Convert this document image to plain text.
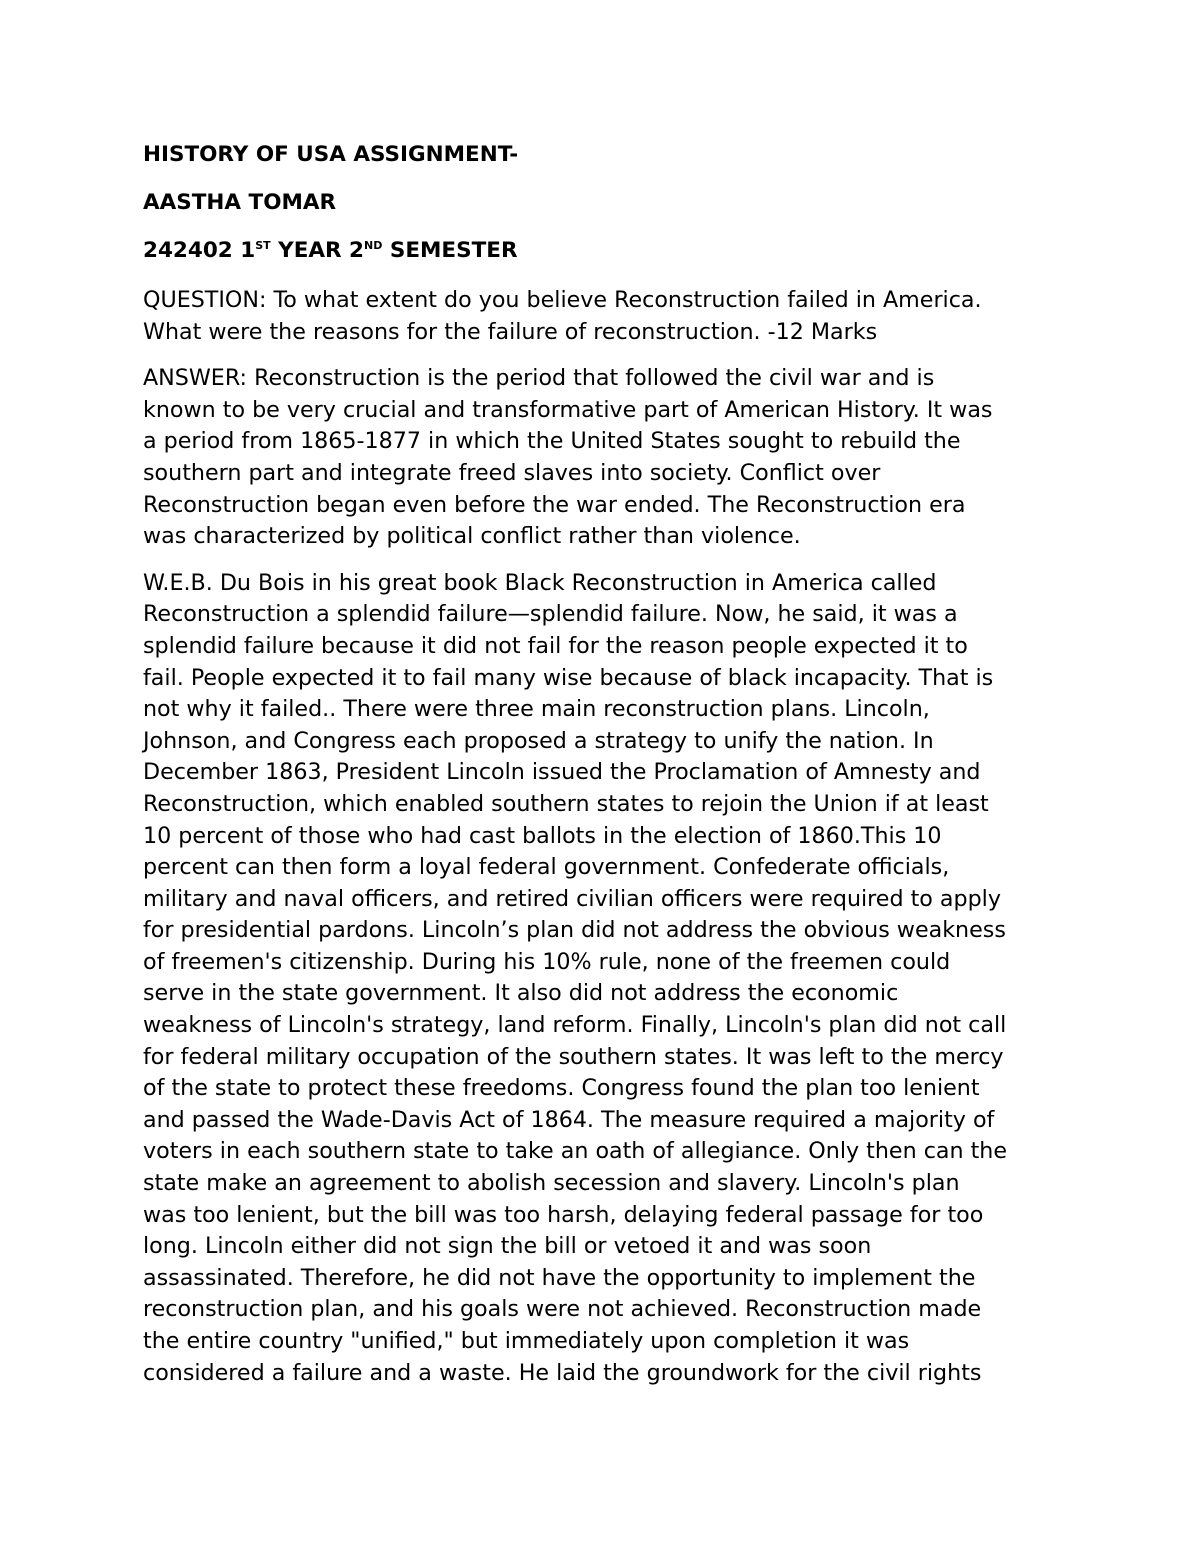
HISTORY OF USA ASSIGNMENT-

AASTHA TOMAR

242402 1ST YEAR 2ND SEMESTER

QUESTION: To what extent do you believe Reconstruction failed in America.
What were the reasons for the failure of reconstruction. -12 Marks
ANSWER: Reconstruction is the period that followed the civil war and is
known to be very crucial and transformative part of American History. It was
a period from 1865-1877 in which the United States sought to rebuild the
southern part and integrate freed slaves into society. Conflict over
Reconstruction began even before the war ended. The Reconstruction era
was characterized by political conflict rather than violence.
W.E.B. Du Bois in his great book Black Reconstruction in America called
Reconstruction a splendid failure—splendid failure. Now, he said, it was a
splendid failure because it did not fail for the reason people expected it to
fail. People expected it to fail many wise because of black incapacity. That is
not why it failed.. There were three main reconstruction plans. Lincoln,
Johnson, and Congress each proposed a strategy to unify the nation. In
December 1863, President Lincoln issued the Proclamation of Amnesty and
Reconstruction, which enabled southern states to rejoin the Union if at least
10 percent of those who had cast ballots in the election of 1860.This 10
percent can then form a loyal federal government. Confederate officials,
military and naval officers, and retired civilian officers were required to apply
for presidential pardons. Lincoln’s plan did not address the obvious weakness
of freemen's citizenship. During his 10% rule, none of the freemen could
serve in the state government. It also did not address the economic
weakness of Lincoln's strategy, land reform. Finally, Lincoln's plan did not call
for federal military occupation of the southern states. It was left to the mercy
of the state to protect these freedoms. Congress found the plan too lenient
and passed the Wade-Davis Act of 1864. The measure required a majority of
voters in each southern state to take an oath of allegiance. Only then can the
state make an agreement to abolish secession and slavery. Lincoln's plan
was too lenient, but the bill was too harsh, delaying federal passage for too
long. Lincoln either did not sign the bill or vetoed it and was soon
assassinated. Therefore, he did not have the opportunity to implement the
reconstruction plan, and his goals were not achieved. Reconstruction made
the entire country "unified," but immediately upon completion it was
considered a failure and a waste. He laid the groundwork for the civil rights
